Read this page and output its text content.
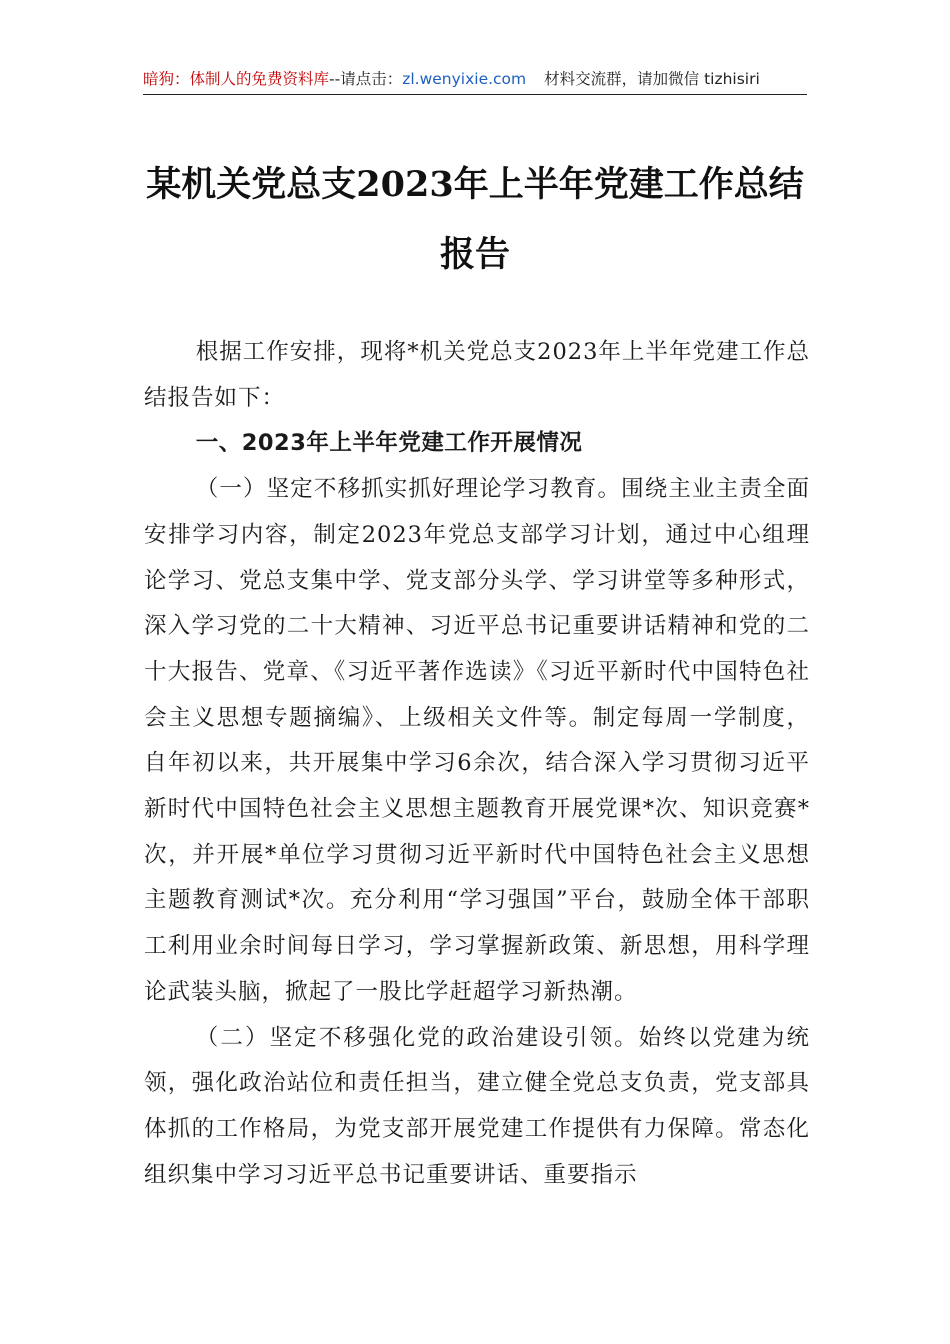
暗狗：体制人的免费资料库--请点击：zl.wenyixie.com 材料交流群，请加微信 tizhisiri
某机关党总支2023年上半年党建工作总结
报告

根据工作安排，现将*机关党总支2023年上半年党建工作总结报告如下：

一、2023年上半年党建工作开展情况

（一）坚定不移抓实抓好理论学习教育。围绕主业主责全面安排学习内容，制定2023年党总支部学习计划，通过中心组理论学习、党总支集中学、党支部分头学、学习讲堂等多种形式，深入学习党的二十大精神、习近平总书记重要讲话精神和党的二十大报告、党章、《习近平著作选读》《习近平新时代中国特色社会主义思想专题摘编》、上级相关文件等。制定每周一学制度，自年初以来，共开展集中学习6余次，结合深入学习贯彻习近平新时代中国特色社会主义思想主题教育开展党课*次、知识竞赛*次，并开展*单位学习贯彻习近平新时代中国特色社会主义思想主题教育测试*次。充分利用“学习强国”平台，鼓励全体干部职工利用业余时间每日学习，学习掌握新政策、新思想，用科学理论武装头脑，掀起了一股比学赶超学习新热潮。

（二）坚定不移强化党的政治建设引领。始终以党建为统领，强化政治站位和责任担当，建立健全党总支负责，党支部具体抓的工作格局，为党支部开展党建工作提供有力保障。常态化组织集中学习习近平总书记重要讲话、重要指示
